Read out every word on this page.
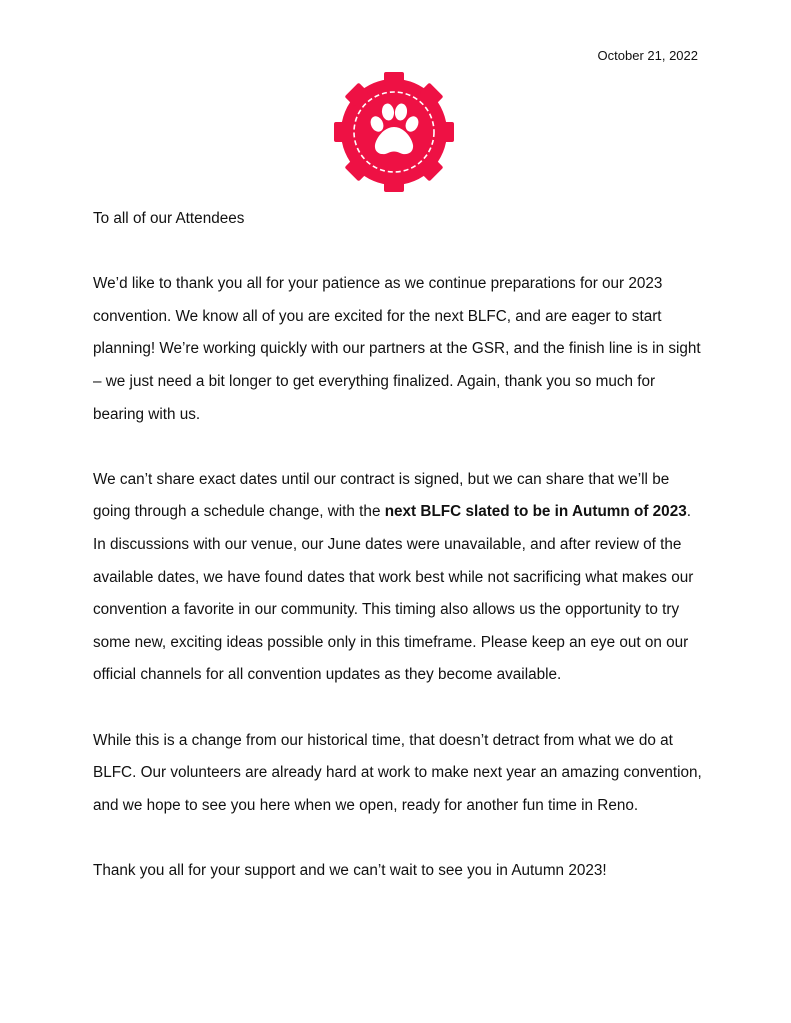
October 21, 2022

To all of our Attendees

We’d like to thank you all for your patience as we continue preparations for our 2023 convention. We know all of you are excited for the next BLFC, and are eager to start planning! We’re working quickly with our partners at the GSR, and the finish line is in sight – we just need a bit longer to get everything finalized. Again, thank you so much for bearing with us.

We can’t share exact dates until our contract is signed, but we can share that we’ll be going through a schedule change, with the next BLFC slated to be in Autumn of 2023. In discussions with our venue, our June dates were unavailable, and after review of the available dates, we have found dates that work best while not sacrificing what makes our convention a favorite in our community. This timing also allows us the opportunity to try some new, exciting ideas possible only in this timeframe. Please keep an eye out on our official channels for all convention updates as they become available.

While this is a change from our historical time, that doesn’t detract from what we do at BLFC. Our volunteers are already hard at work to make next year an amazing convention, and we hope to see you here when we open, ready for another fun time in Reno.

Thank you all for your support and we can’t wait to see you in Autumn 2023!
